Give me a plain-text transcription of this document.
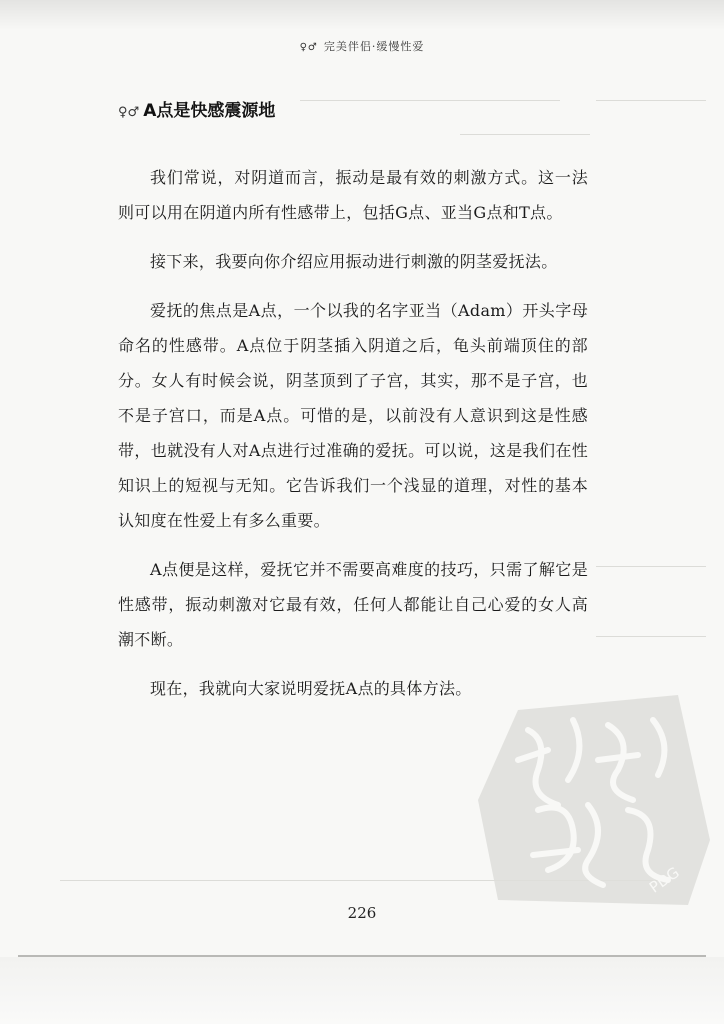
♀♂ 完美伴侣·缓慢性爱
♀♂ A点是快感震源地

我们常说，对阴道而言，振动是最有效的刺激方式。这一法则可以用在阴道内所有性感带上，包括G点、亚当G点和T点。

接下来，我要向你介绍应用振动进行刺激的阴茎爱抚法。

爱抚的焦点是A点，一个以我的名字亚当（Adam）开头字母命名的性感带。A点位于阴茎插入阴道之后，龟头前端顶住的部分。女人有时候会说，阴茎顶到了子宫，其实，那不是子宫，也不是子宫口，而是A点。可惜的是，以前没有人意识到这是性感带，也就没有人对A点进行过准确的爱抚。可以说，这是我们在性知识上的短视与无知。它告诉我们一个浅显的道理，对性的基本认知度在性爱上有多么重要。

A点便是这样，爱抚它并不需要高难度的技巧，只需了解它是性感带，振动刺激对它最有效，任何人都能让自己心爱的女人高潮不断。

现在，我就向大家说明爱抚A点的具体方法。

PDG
226
